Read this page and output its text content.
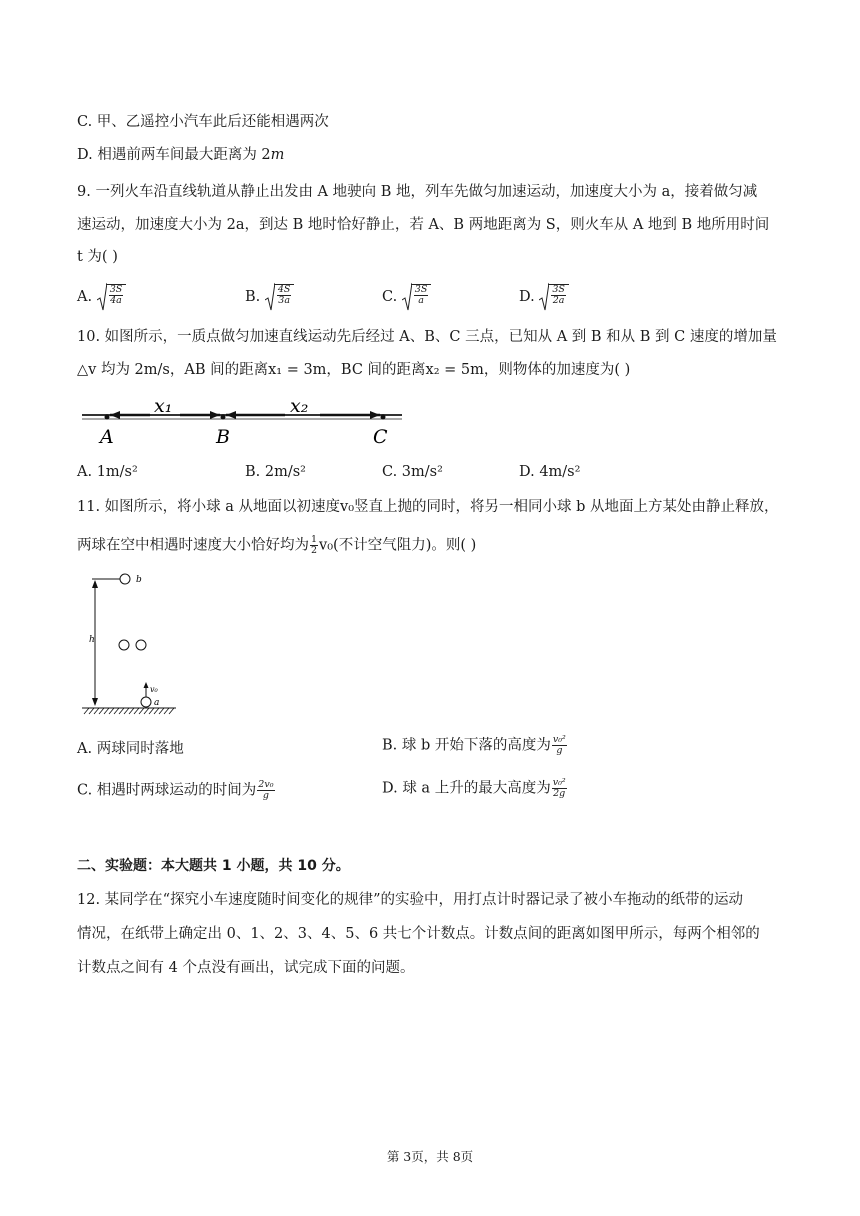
C. 甲、乙遥控小汽车此后还能相遇两次
D. 相遇前两车间最大距离为 2m
9. 一列火车沿直线轨道从静止出发由 A 地驶向 B 地，列车先做匀加速运动，加速度大小为 a，接着做匀减
速运动，加速度大小为 2a，到达 B 地时恰好静止，若 A、B 两地距离为 S，则火车从 A 地到 B 地所用时间
t 为( )
A. $\frac{3S}{4a}$	B. $\frac{4S}{3a}$	C. $\frac{3S}{a}$	D. $\frac{3S}{2a}$
10. 如图所示，一质点做匀加速直线运动先后经过 A、B、C 三点，已知从 A 到 B 和从 B 到 C 速度的增加量
△v 均为 2m/s，AB 间的距离x₁ = 3m，BC 间的距离x₂ = 5m，则物体的加速度为( )
x₁	x₂
A	B	C
A. 1m/s²	B. 2m/s²	C. 3m/s²	D. 4m/s²
11. 如图所示，将小球 a 从地面以初速度v₀竖直上抛的同时，将另一相同小球 b 从地面上方某处由静止释放，
两球在空中相遇时速度大小恰好均为 $\frac{1}{2} v_0$(不计空气阻力)。则( )
b
h
v₀
a
A. 两球同时落地	B. 球 b 开始下落的高度为 $\frac{\text{v₀²}}{g}$
C. 相遇时两球运动的时间为 $\frac{\text{2v₀}}{g}$	D. 球 a 上升的最大高度为 $\frac{\text{v₀²}}{2g}$
二、实验题：本大题共 1 小题，共 10 分。
12. 某同学在“探究小车速度随时间变化的规律”的实验中，用打点计时器记录了被小车拖动的纸带的运动
情况，在纸带上确定出 0、1、2、3、4、5、6 共七个计数点。计数点间的距离如图甲所示，每两个相邻的
计数点之间有 4 个点没有画出，试完成下面的问题。
第 3页，共 8页
